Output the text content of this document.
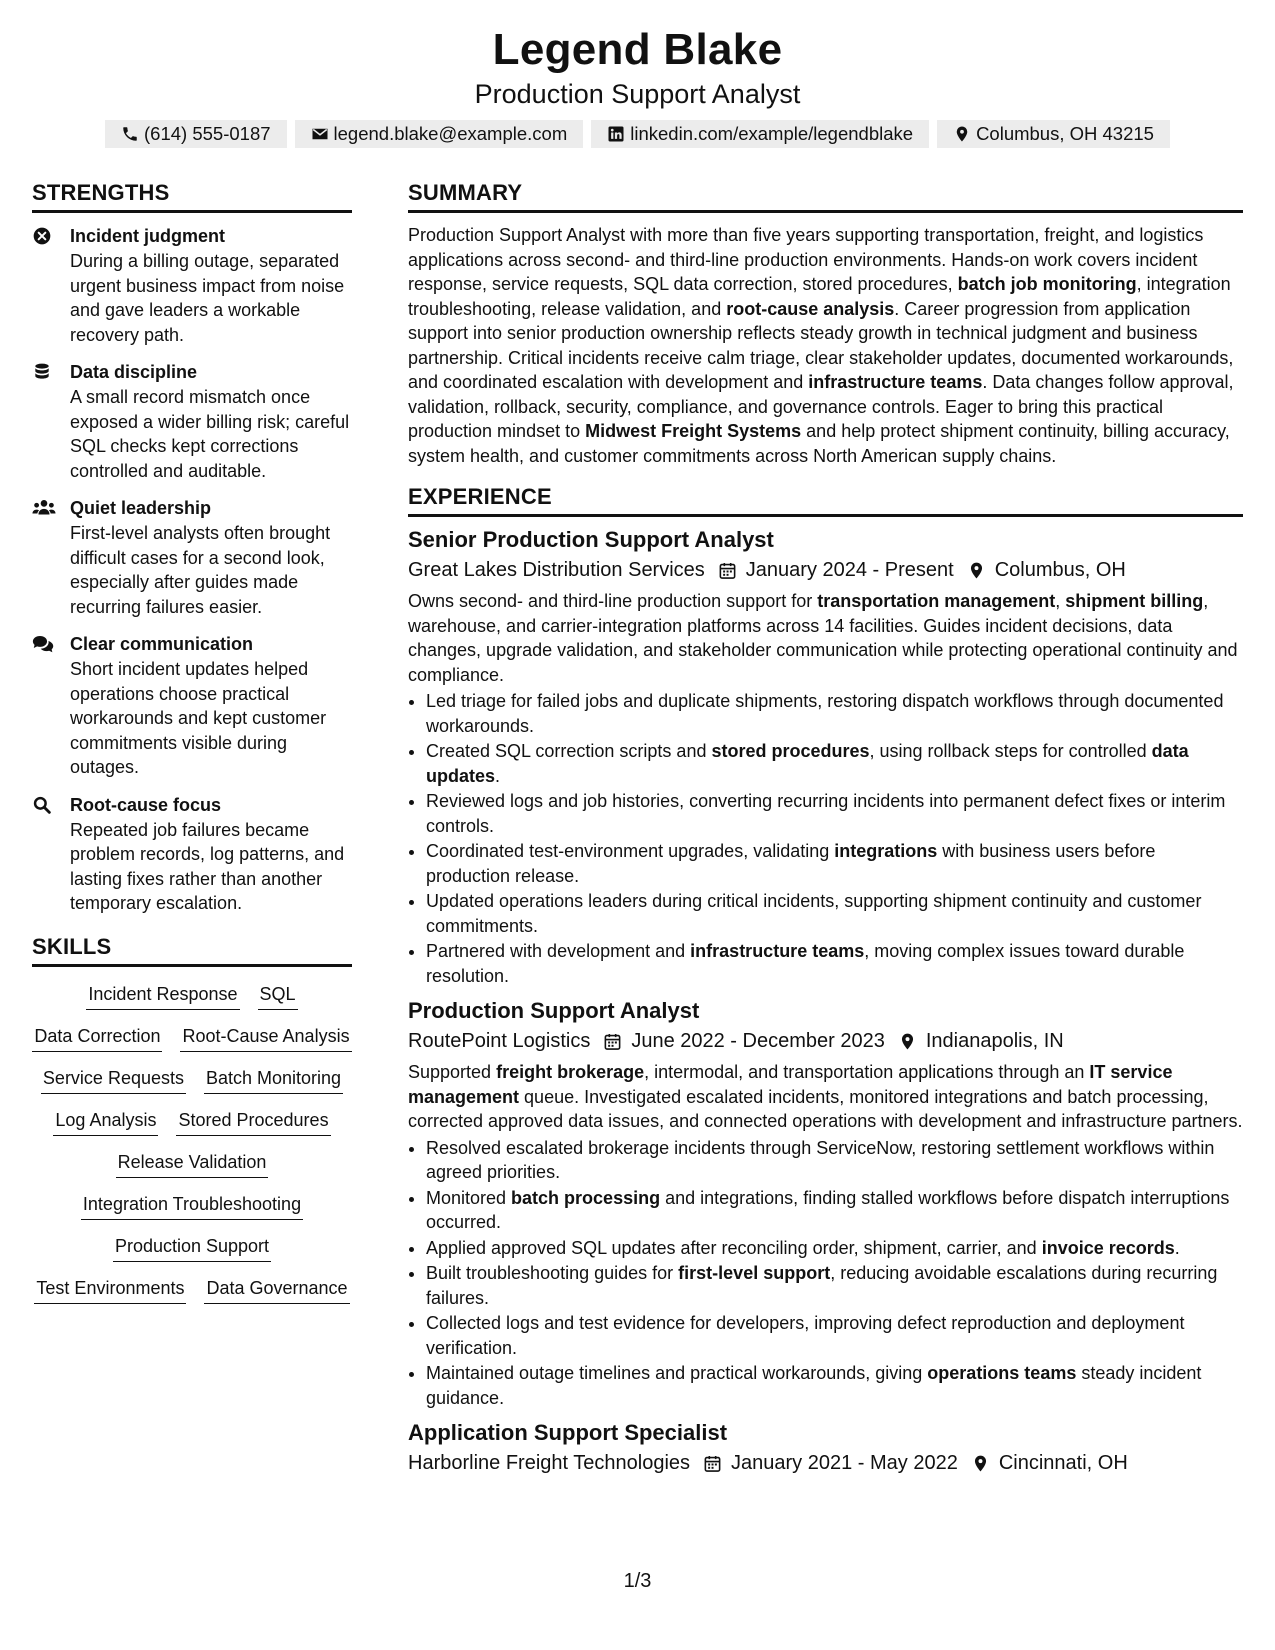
Legend Blake
Production Support Analyst
(614) 555-0187	legend.blake@example.com	linkedin.com/example/legendblake	Columbus, OH 43215
STRENGTHS
Incident judgment
During a billing outage, separated urgent business impact from noise and gave leaders a workable recovery path.
Data discipline
A small record mismatch once exposed a wider billing risk; careful SQL checks kept corrections controlled and auditable.
Quiet leadership
First-level analysts often brought difficult cases for a second look, especially after guides made recurring failures easier.
Clear communication
Short incident updates helped operations choose practical workarounds and kept customer commitments visible during outages.
Root-cause focus
Repeated job failures became problem records, log patterns, and lasting fixes rather than another temporary escalation.
SKILLS
Incident Response SQL
Data Correction Root-Cause Analysis
Service Requests Batch Monitoring
Log Analysis Stored Procedures
Release Validation
Integration Troubleshooting
Production Support
Test Environments Data Governance
SUMMARY

Production Support Analyst with more than five years supporting transportation, freight, and logistics applications across second- and third-line production environments. Hands-on work covers incident response, service requests, SQL data correction, stored procedures, batch job monitoring, integration troubleshooting, release validation, and root-cause analysis. Career progression from application support into senior production ownership reflects steady growth in technical judgment and business partnership. Critical incidents receive calm triage, clear stakeholder updates, documented workarounds, and coordinated escalation with development and infrastructure teams. Data changes follow approval, validation, rollback, security, compliance, and governance controls. Eager to bring this practical production mindset to Midwest Freight Systems and help protect shipment continuity, billing accuracy, system health, and customer commitments across North American supply chains.

EXPERIENCE
Senior Production Support Analyst
Great Lakes Distribution Services January 2024 - Present Columbus, OH

Owns second- and third-line production support for transportation management, shipment billing, warehouse, and carrier-integration platforms across 14 facilities. Guides incident decisions, data changes, upgrade validation, and stakeholder communication while protecting operational continuity and compliance.

• Led triage for failed jobs and duplicate shipments, restoring dispatch workflows through documented workarounds.
• Created SQL correction scripts and stored procedures, using rollback steps for controlled data updates.
• Reviewed logs and job histories, converting recurring incidents into permanent defect fixes or interim controls.
• Coordinated test-environment upgrades, validating integrations with business users before production release.
• Updated operations leaders during critical incidents, supporting shipment continuity and customer commitments.
• Partnered with development and infrastructure teams, moving complex issues toward durable resolution.
Production Support Analyst
RoutePoint Logistics June 2022 - December 2023 Indianapolis, IN

Supported freight brokerage, intermodal, and transportation applications through an IT service management queue. Investigated escalated incidents, monitored integrations and batch processing, corrected approved data issues, and connected operations with development and infrastructure partners.

• Resolved escalated brokerage incidents through ServiceNow, restoring settlement workflows within agreed priorities.
• Monitored batch processing and integrations, finding stalled workflows before dispatch interruptions occurred.
• Applied approved SQL updates after reconciling order, shipment, carrier, and invoice records.
• Built troubleshooting guides for first-level support, reducing avoidable escalations during recurring failures.
• Collected logs and test evidence for developers, improving defect reproduction and deployment verification.
• Maintained outage timelines and practical workarounds, giving operations teams steady incident guidance.
Application Support Specialist
Harborline Freight Technologies January 2021 - May 2022 Cincinnati, OH
1/3
